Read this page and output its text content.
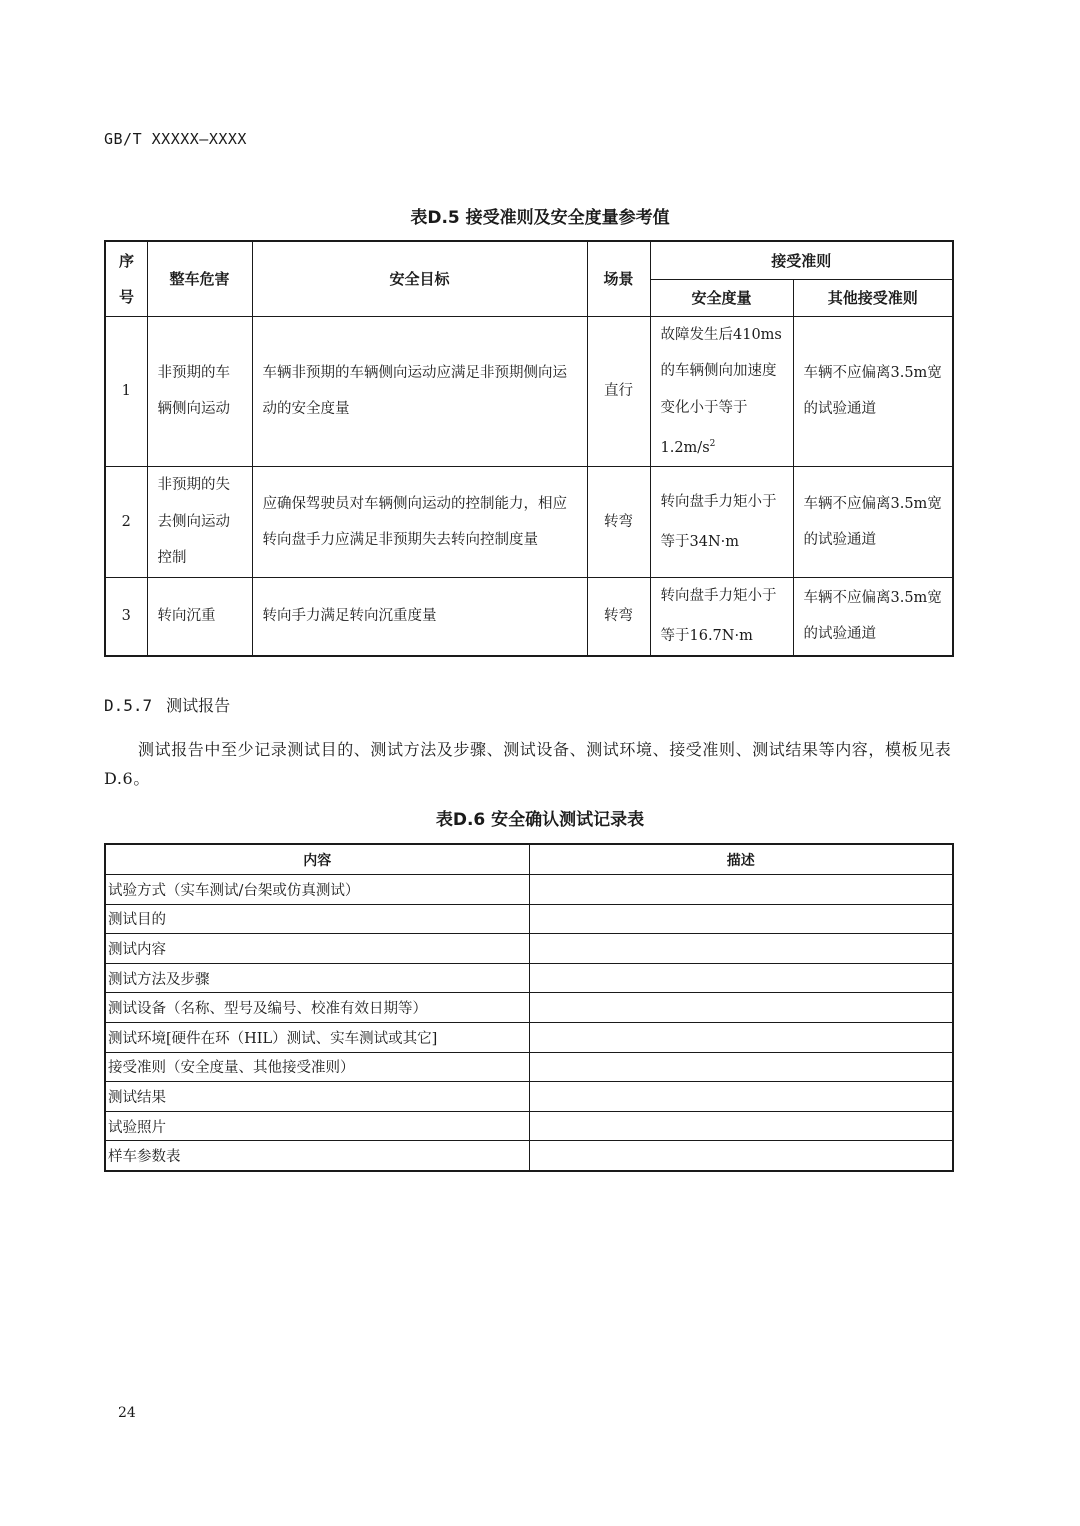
GB/T XXXXX—XXXX
表D.5 接受准则及安全度量参考值
序号	整车危害	安全目标	场景	接受准则	
				安全度量	其他接受准则
1	非预期的车辆侧向运动	车辆非预期的车辆侧向运动应满足非预期侧向运动的安全度量	直行	故障发生后410ms的车辆侧向加速度变化小于等于$1.2m/s^2$	车辆不应偏离3.5m宽的试验通道
2	非预期的失去侧向运动控制	应确保驾驶员对车辆侧向运动的控制能力，相应转向盘手力应满足非预期失去转向控制度量	转弯	转向盘手力矩小于等于34N·m	车辆不应偏离3.5m宽的试验通道
3	转向沉重	转向手力满足转向沉重度量	转弯	转向盘手力矩小于等于16.7N·m	车辆不应偏离3.5m宽的试验通道
D.5.7 测试报告
测试报告中至少记录测试目的、测试方法及步骤、测试设备、测试环境、接受准则、测试结果等内容，模板见表D.6。
表D.6 安全确认测试记录表
内容	描述
试验方式（实车测试/台架或仿真测试）	
测试目的	
测试内容	
测试方法及步骤	
测试设备（名称、型号及编号、校准有效日期等）	
测试环境[硬件在环（HIL）测试、实车测试或其它]	
接受准则（安全度量、其他接受准则）	
测试结果	
试验照片	
样车参数表	
24
